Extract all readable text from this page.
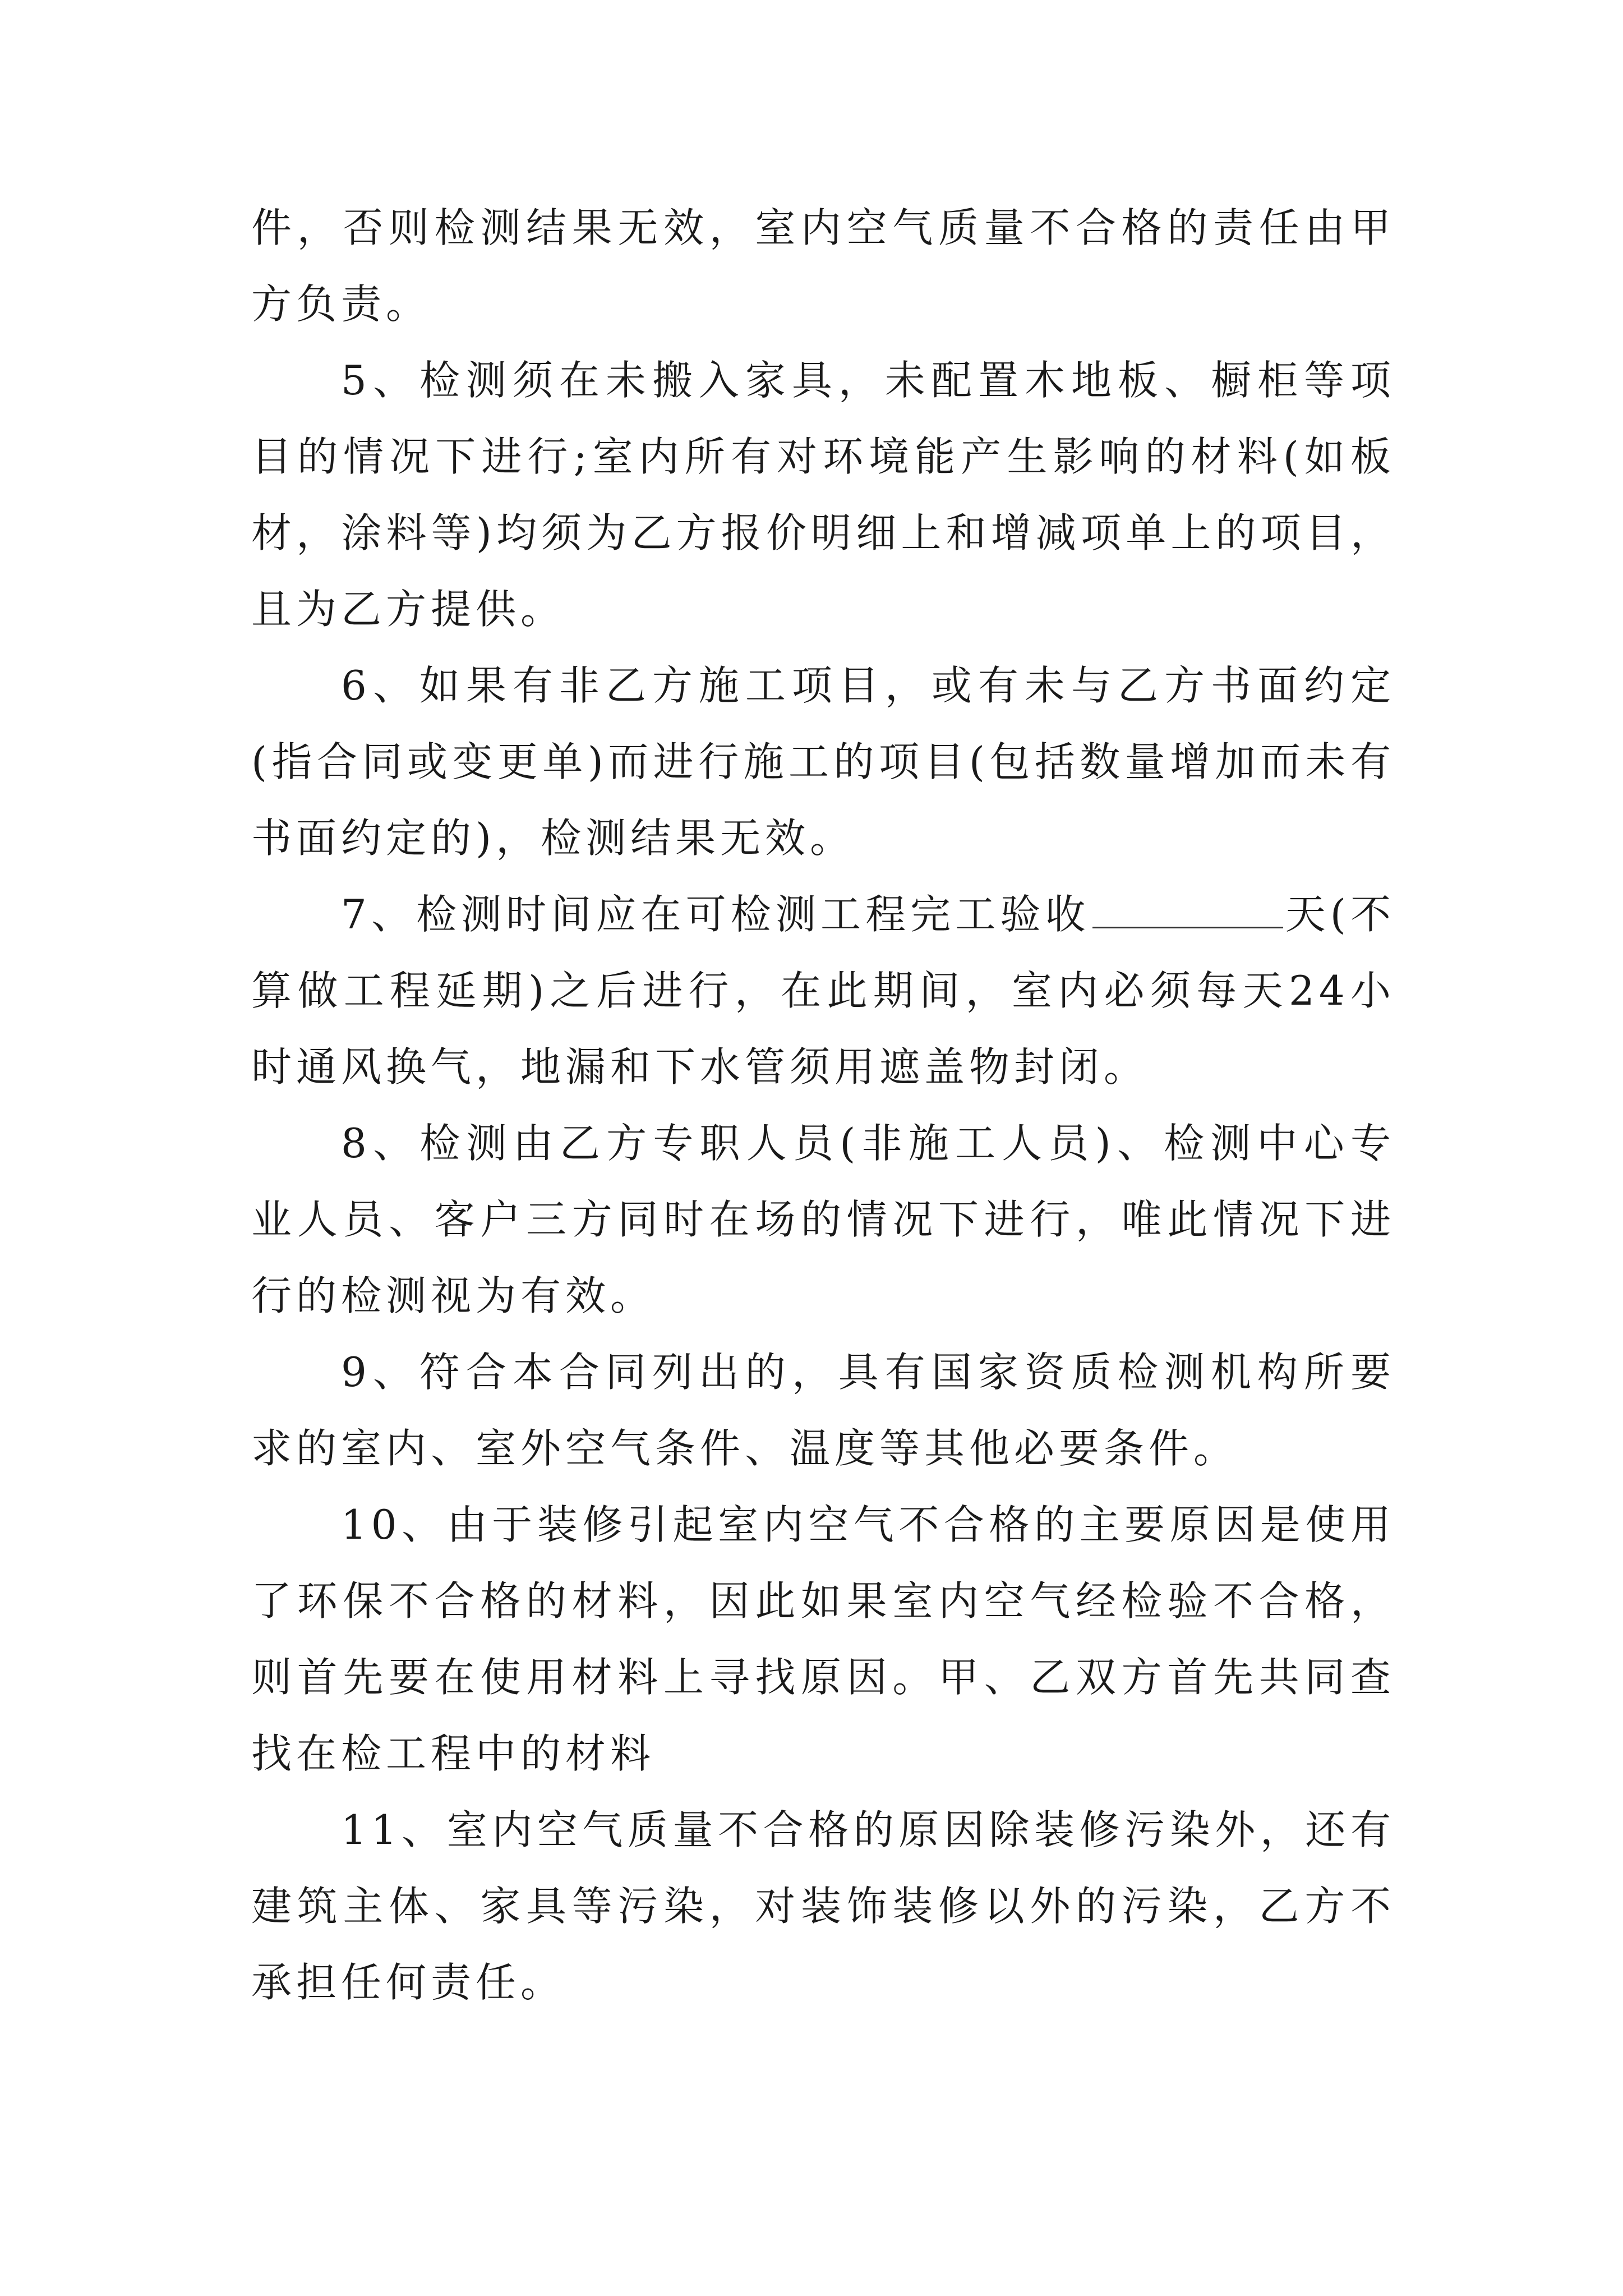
件，否则检测结果无效，室内空气质量不合格的责任由甲方负责。

5、检测须在未搬入家具，未配置木地板、橱柜等项目的情况下进行;室内所有对环境能产生影响的材料(如板材，涂料等)均须为乙方报价明细上和增减项单上的项目，且为乙方提供。

6、如果有非乙方施工项目，或有未与乙方书面约定(指合同或变更单)而进行施工的项目(包括数量增加而未有书面约定的)，检测结果无效。

7、检测时间应在可检测工程完工验收	天(不算做工程延期)之后进行，在此期间，室内必须每天24小时通风换气，地漏和下水管须用遮盖物封闭。

8、检测由乙方专职人员(非施工人员)、检测中心专业人员、客户三方同时在场的情况下进行，唯此情况下进行的检测视为有效。

9、符合本合同列出的，具有国家资质检测机构所要求的室内、室外空气条件、温度等其他必要条件。

10、由于装修引起室内空气不合格的主要原因是使用了环保不合格的材料，因此如果室内空气经检验不合格，则首先要在使用材料上寻找原因。甲、乙双方首先共同查找在检工程中的材料

11、室内空气质量不合格的原因除装修污染外，还有建筑主体、家具等污染，对装饰装修以外的污染，乙方不承担任何责任。
